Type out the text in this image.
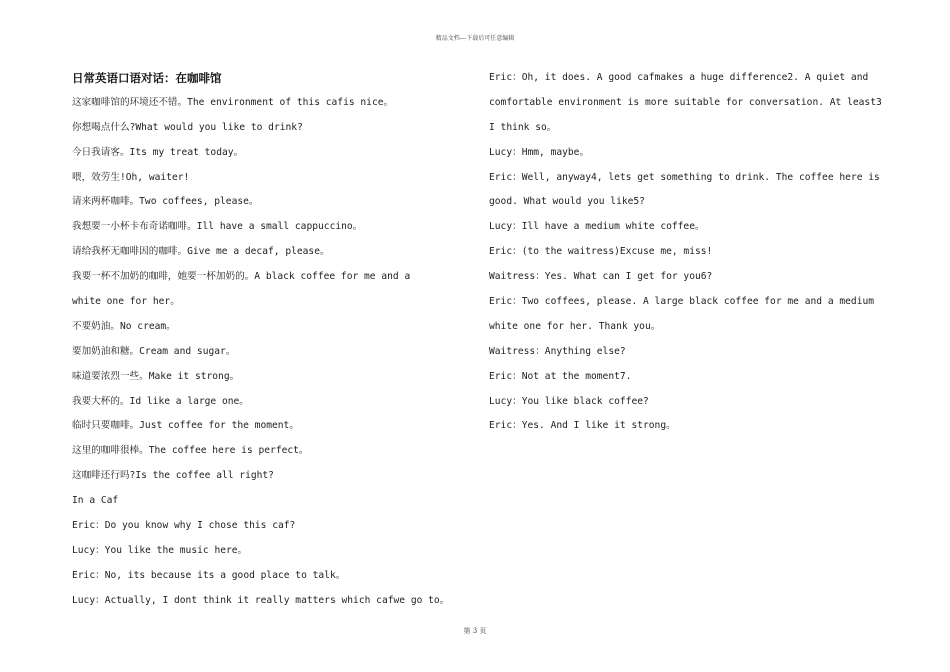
精品文档---下载后可任意编辑
日常英语口语对话：在咖啡馆
这家咖啡馆的环境还不错。The environment of this cafis nice。
你想喝点什么?What would you like to drink?
今日我请客。Its my treat today。
喂，效劳生!Oh, waiter!
请来两杯咖啡。Two coffees, please。
我想要一小杯卡布奇诺咖啡。Ill have a small cappuccino。
请给我杯无咖啡因的咖啡。Give me a decaf, please。
我要一杯不加奶的咖啡，她要一杯加奶的。A black coffee for me and a
white one for her。
不要奶油。No cream。
要加奶油和糖。Cream and sugar。
味道要浓烈一些。Make it strong。
我要大杯的。Id like a large one。
临时只要咖啡。Just coffee for the moment。
这里的咖啡很棒。The coffee here is perfect。
这咖啡还行吗?Is the coffee all right?
In a Caf
Eric：Do you know why I chose this caf?
Lucy：You like the music here。
Eric：No, its because its a good place to talk。
Lucy：Actually, I dont think it really matters which cafwe go to。
Eric：Oh, it does. A good cafmakes a huge difference2. A quiet and
comfortable environment is more suitable for conversation. At least3
I think so。
Lucy：Hmm, maybe。
Eric：Well, anyway4, lets get something to drink. The coffee here is
good. What would you like5?
Lucy：Ill have a medium white coffee。
Eric：(to the waitress)Excuse me, miss!
Waitress：Yes. What can I get for you6?
Eric：Two coffees, please. A large black coffee for me and a medium
white one for her. Thank you。
Waitress：Anything else?
Eric：Not at the moment7.
Lucy：You like black coffee?
Eric：Yes. And I like it strong。
第 3 页
